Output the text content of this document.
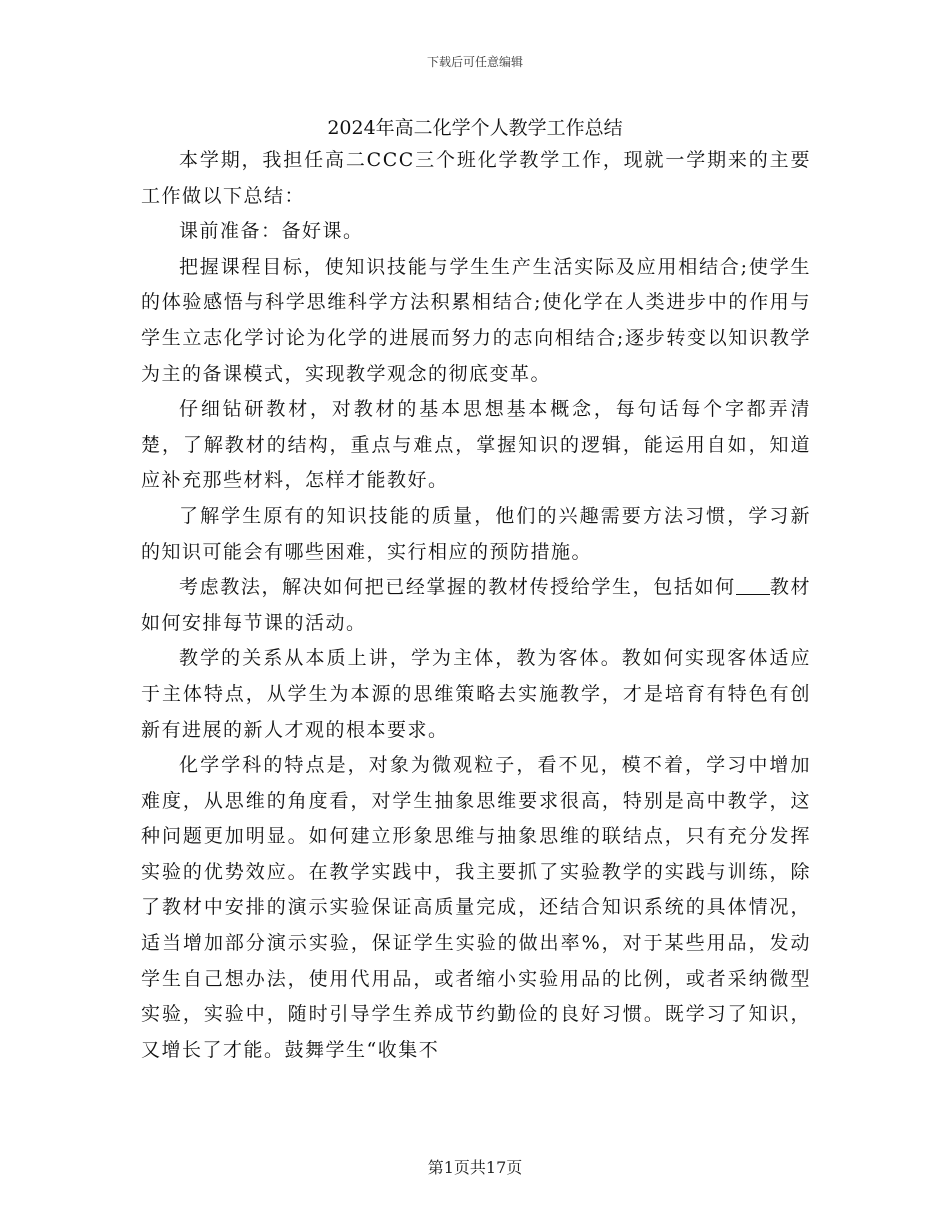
下载后可任意编辑
2024年高二化学个人教学工作总结

本学期，我担任高二CCC三个班化学教学工作，现就一学期来的主要工作做以下总结：

课前准备：备好课。

把握课程目标，使知识技能与学生生产生活实际及应用相结合;使学生的体验感悟与科学思维科学方法积累相结合;使化学在人类进步中的作用与学生立志化学讨论为化学的进展而努力的志向相结合;逐步转变以知识教学为主的备课模式，实现教学观念的彻底变革。

仔细钻研教材，对教材的基本思想基本概念，每句话每个字都弄清楚，了解教材的结构，重点与难点，掌握知识的逻辑，能运用自如，知道应补充那些材料，怎样才能教好。

了解学生原有的知识技能的质量，他们的兴趣需要方法习惯，学习新的知识可能会有哪些困难，实行相应的预防措施。

考虑教法，解决如何把已经掌握的教材传授给学生，包括如何 教材如何安排每节课的活动。

教学的关系从本质上讲，学为主体，教为客体。教如何实现客体适应于主体特点，从学生为本源的思维策略去实施教学，才是培育有特色有创新有进展的新人才观的根本要求。

化学学科的特点是，对象为微观粒子，看不见，模不着，学习中增加难度，从思维的角度看，对学生抽象思维要求很高，特别是高中教学，这种问题更加明显。如何建立形象思维与抽象思维的联结点，只有充分发挥实验的优势效应。在教学实践中，我主要抓了实验教学的实践与训练，除了教材中安排的演示实验保证高质量完成，还结合知识系统的具体情况，适当增加部分演示实验，保证学生实验的做出率%，对于某些用品，发动学生自己想办法，使用代用品，或者缩小实验用品的比例，或者采纳微型实验，实验中，随时引导学生养成节约勤俭的良好习惯。既学习了知识，又增长了才能。鼓舞学生“收集不

第1页共17页
